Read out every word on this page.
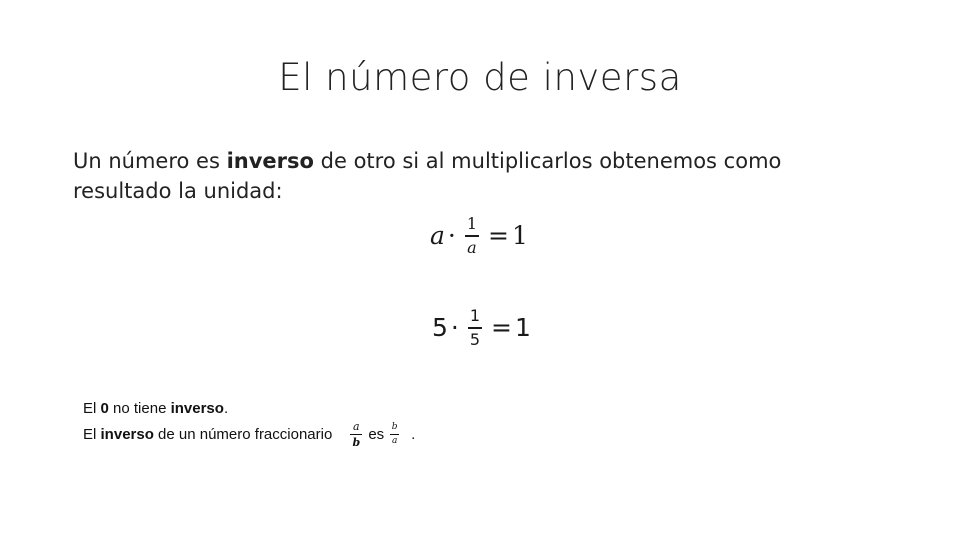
El número de inversa

Un número es inverso de otro si al multiplicarlos obtenemos como resultado la unidad:

$a \cdot \frac{1}{a} = 1$
$5 \cdot \frac{1}{5} = 1$
El 0 no tiene inverso .
El inverso de un número fraccionario $\frac{a}{b}$ es $\frac{b}{a}$ .
